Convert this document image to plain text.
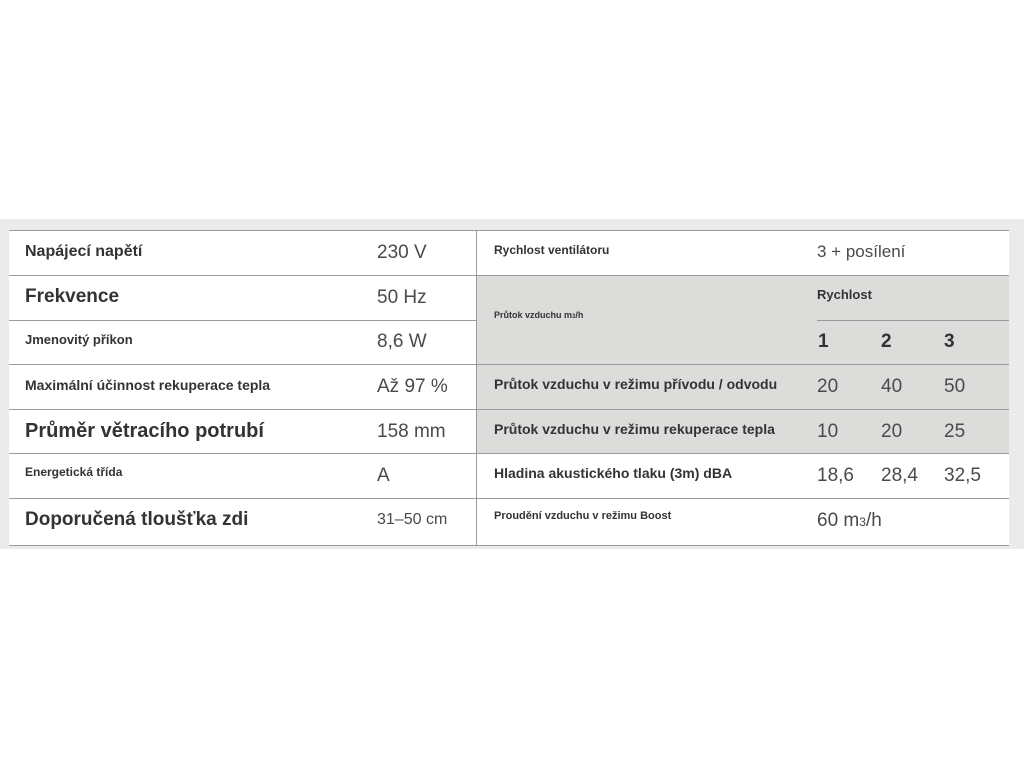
Napájecí napětí	230 V
Frekvence	50 Hz
Jmenovitý příkon	8,6 W
Maximální účinnost rekuperace tepla	Až 97 %
Průměr větracího potrubí	158 mm
Energetická třída	A
Doporučená tloušťka zdi	31–50 cm
Rychlost ventilátoru	3 + posílení
Průtok vzduchu m3/h
Rychlost
1	2	3
Průtok vzduchu v režimu přívodu / odvodu 20 40 50
Průtok vzduchu v režimu rekuperace tepla 10 20 25
Hladina akustického tlaku (3m) dBA	18,6 28,4 32,5
Proudění vzduchu v režimu Boost	60 m3/h
